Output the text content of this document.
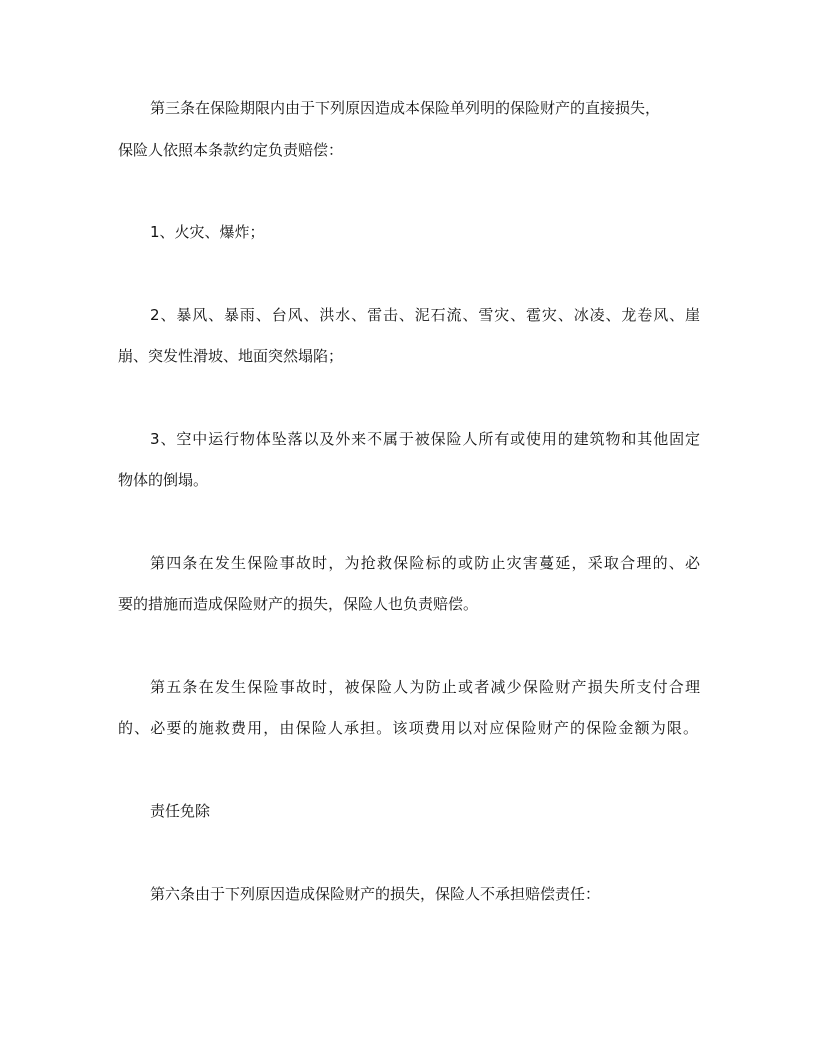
第三条在保险期限内由于下列原因造成本保险单列明的保险财产的直接损失，
保险人依照本条款约定负责赔偿：
1、火灾、爆炸；
2、暴风、暴雨、台风、洪水、雷击、泥石流、雪灾、雹灾、冰凌、龙卷风、崖
崩、突发性滑坡、地面突然塌陷；
3、空中运行物体坠落以及外来不属于被保险人所有或使用的建筑物和其他固定
物体的倒塌。
第四条在发生保险事故时，为抢救保险标的或防止灾害蔓延，采取合理的、必
要的措施而造成保险财产的损失，保险人也负责赔偿。
第五条在发生保险事故时，被保险人为防止或者减少保险财产损失所支付合理
的、必要的施救费用，由保险人承担。该项费用以对应保险财产的保险金额为限。
责任免除
第六条由于下列原因造成保险财产的损失，保险人不承担赔偿责任：
